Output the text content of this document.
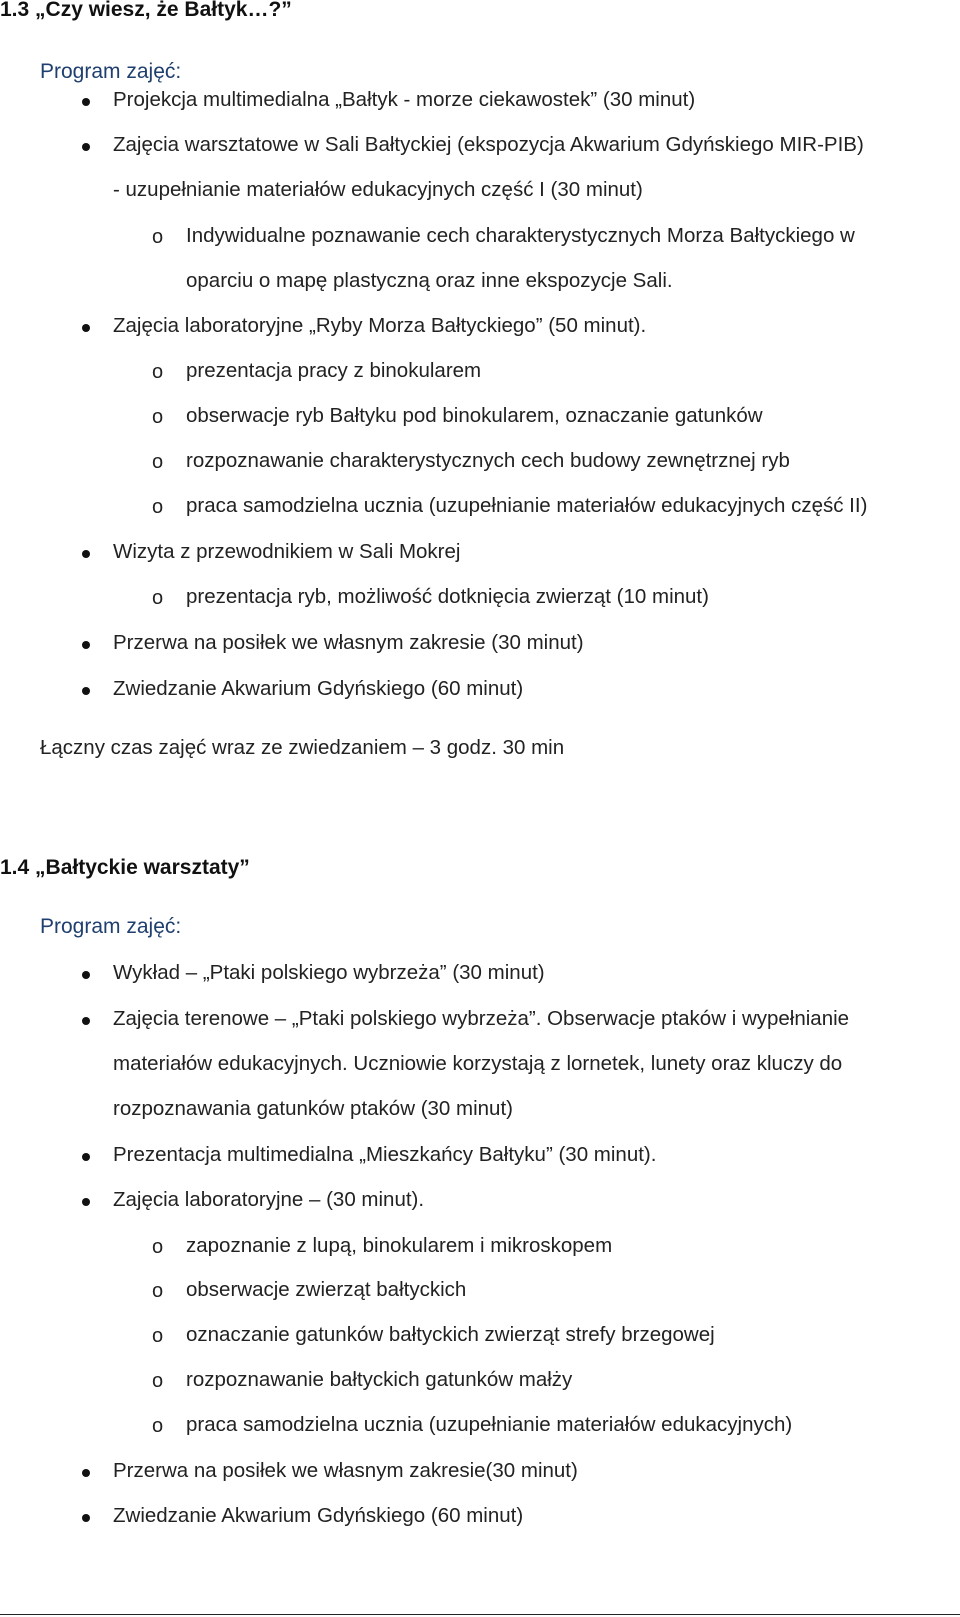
1.3 „Czy wiesz, że Bałtyk…?”
Program zajęć:
Projekcja multimedialna „Bałtyk - morze ciekawostek” (30 minut)
Zajęcia warsztatowe w Sali Bałtyckiej (ekspozycja Akwarium Gdyńskiego MIR-PIB)
- uzupełnianie materiałów edukacyjnych część I (30 minut)
o Indywidualne poznawanie cech charakterystycznych Morza Bałtyckiego w
oparciu o mapę plastyczną oraz inne ekspozycje Sali.
Zajęcia laboratoryjne „Ryby Morza Bałtyckiego” (50 minut).
o prezentacja pracy z binokularem
o obserwacje ryb Bałtyku pod binokularem, oznaczanie gatunków
o rozpoznawanie charakterystycznych cech budowy zewnętrznej ryb
o praca samodzielna ucznia (uzupełnianie materiałów edukacyjnych część II)
Wizyta z przewodnikiem w Sali Mokrej
o prezentacja ryb, możliwość dotknięcia zwierząt (10 minut)
Przerwa na posiłek we własnym zakresie (30 minut)
Zwiedzanie Akwarium Gdyńskiego (60 minut)
Łączny czas zajęć wraz ze zwiedzaniem – 3 godz. 30 min
1.4 „Bałtyckie warsztaty”
Program zajęć:
Wykład – „Ptaki polskiego wybrzeża” (30 minut)
Zajęcia terenowe – „Ptaki polskiego wybrzeża”. Obserwacje ptaków i wypełnianie
materiałów edukacyjnych. Uczniowie korzystają z lornetek, lunety oraz kluczy do
rozpoznawania gatunków ptaków (30 minut)
Prezentacja multimedialna „Mieszkańcy Bałtyku” (30 minut).
Zajęcia laboratoryjne – (30 minut).
o zapoznanie z lupą, binokularem i mikroskopem
o obserwacje zwierząt bałtyckich
o oznaczanie gatunków bałtyckich zwierząt strefy brzegowej
o rozpoznawanie bałtyckich gatunków małży
o praca samodzielna ucznia (uzupełnianie materiałów edukacyjnych)
Przerwa na posiłek we własnym zakresie(30 minut)
Zwiedzanie Akwarium Gdyńskiego (60 minut)
